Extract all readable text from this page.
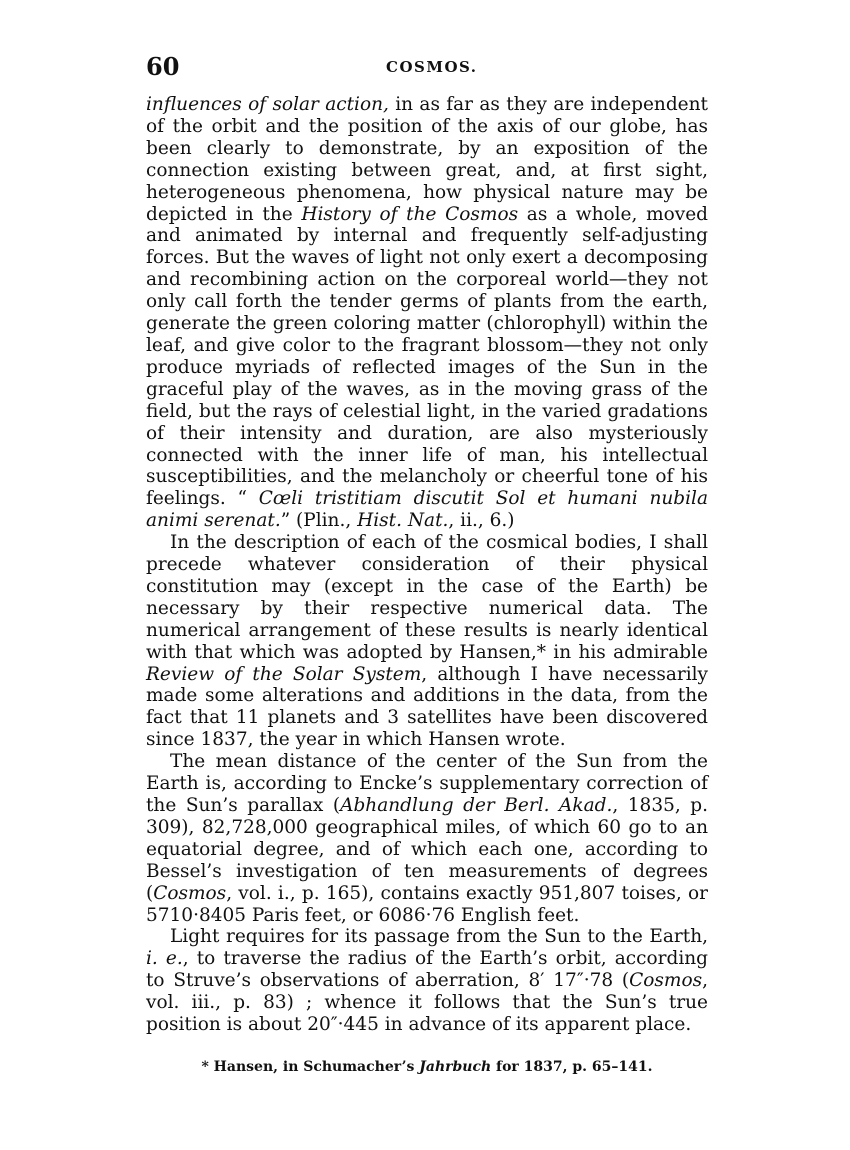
60	COSMOS.

influences of solar action, in as far as they are independent of the orbit and the position of the axis of our globe, has been clearly to demonstrate, by an exposition of the connection existing between great, and, at first sight, heterogeneous phenomena, how physical nature may be depicted in the History of the Cosmos as a whole, moved and animated by internal and frequently self-adjusting forces. But the waves of light not only exert a decomposing and recombining action on the corporeal world—they not only call forth the tender germs of plants from the earth, generate the green coloring matter (chlorophyll) within the leaf, and give color to the fragrant blossom—they not only produce myriads of reflected images of the Sun in the graceful play of the waves, as in the moving grass of the field, but the rays of celestial light, in the varied gradations of their intensity and duration, are also mysteriously connected with the inner life of man, his intellectual susceptibilities, and the melancholy or cheerful tone of his feelings. “ Cœli tristitiam discutit Sol et humani nubila animi serenat.” (Plin., Hist. Nat., ii., 6.)

In the description of each of the cosmical bodies, I shall precede whatever consideration of their physical constitution may (except in the case of the Earth) be necessary by their respective numerical data. The numerical arrangement of these results is nearly identical with that which was adopted by Hansen,* in his admirable Review of the Solar System, although I have necessarily made some alterations and additions in the data, from the fact that 11 planets and 3 satellites have been discovered since 1837, the year in which Hansen wrote.

The mean distance of the center of the Sun from the Earth is, according to Encke’s supplementary correction of the Sun’s parallax (Abhandlung der Berl. Akad., 1835, p. 309), 82,728,000 geographical miles, of which 60 go to an equatorial degree, and of which each one, according to Bessel’s investigation of ten measurements of degrees (Cosmos, vol. i., p. 165), contains exactly 951,807 toises, or 5710·8405 Paris feet, or 6086·76 English feet.

Light requires for its passage from the Sun to the Earth, i. e., to traverse the radius of the Earth’s orbit, according to Struve’s observations of aberration, 8′ 17″·78 (Cosmos, vol. iii., p. 83) ; whence it follows that the Sun’s true position is about 20″·445 in advance of its apparent place.

* Hansen, in Schumacher’s Jahrbuch for 1837, p. 65–141.
